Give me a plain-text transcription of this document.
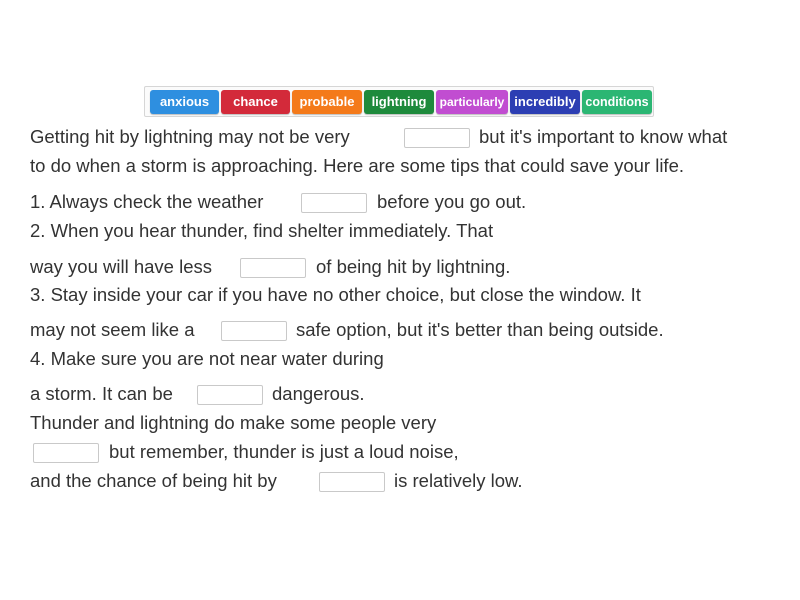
anxious	chance	probable	lightning	particularly incredibly conditions
Getting hit by lightning may not be very	but it's important to know what
to do when a storm is approaching. Here are some tips that could save your life.
1. Always check the weather	before you go out.
2. When you hear thunder, find shelter immediately. That
way you will have less	of being hit by lightning.
3. Stay inside your car if you have no other choice, but close the window. It
may not seem like a	safe option, but it's better than being outside.
4. Make sure you are not near water during
a storm. It can be	dangerous.
Thunder and lightning do make some people very
but remember, thunder is just a loud noise,
and the chance of being hit by	is relatively low.
